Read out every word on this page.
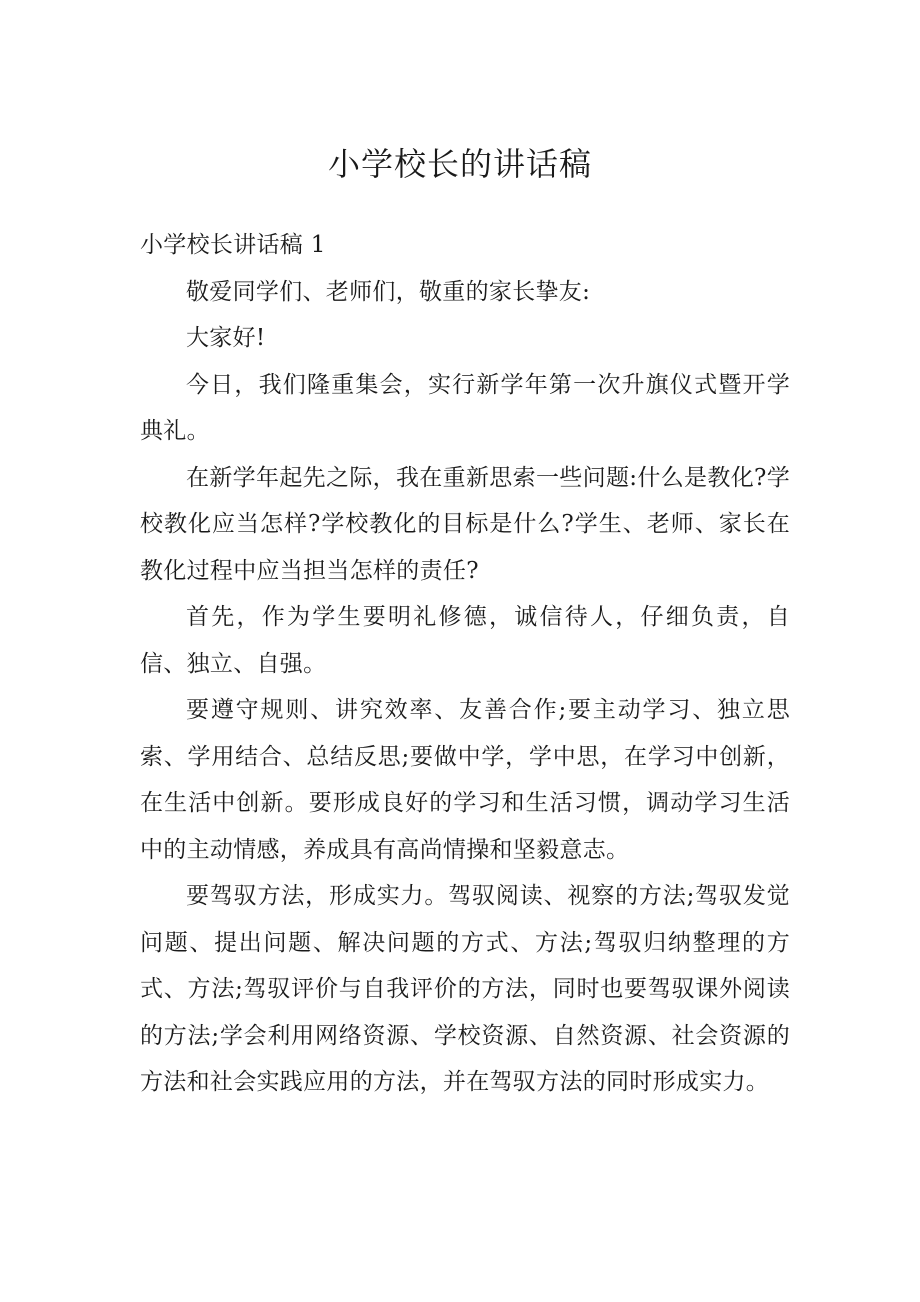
小学校长的讲话稿

小学校长讲话稿 1

敬爱同学们、老师们，敬重的家长挚友:

大家好!

今日，我们隆重集会，实行新学年第一次升旗仪式暨开学典礼。

在新学年起先之际，我在重新思索一些问题:什么是教化?学校教化应当怎样?学校教化的目标是什么?学生、老师、家长在教化过程中应当担当怎样的责任?

首先，作为学生要明礼修德，诚信待人，仔细负责，自信、独立、自强。

要遵守规则、讲究效率、友善合作;要主动学习、独立思索、学用结合、总结反思;要做中学，学中思，在学习中创新，在生活中创新。要形成良好的学习和生活习惯，调动学习生活中的主动情感，养成具有高尚情操和坚毅意志。

要驾驭方法，形成实力。驾驭阅读、视察的方法;驾驭发觉问题、提出问题、解决问题的方式、方法;驾驭归纳整理的方式、方法;驾驭评价与自我评价的方法，同时也要驾驭课外阅读的方法;学会利用网络资源、学校资源、自然资源、社会资源的方法和社会实践应用的方法，并在驾驭方法的同时形成实力。
